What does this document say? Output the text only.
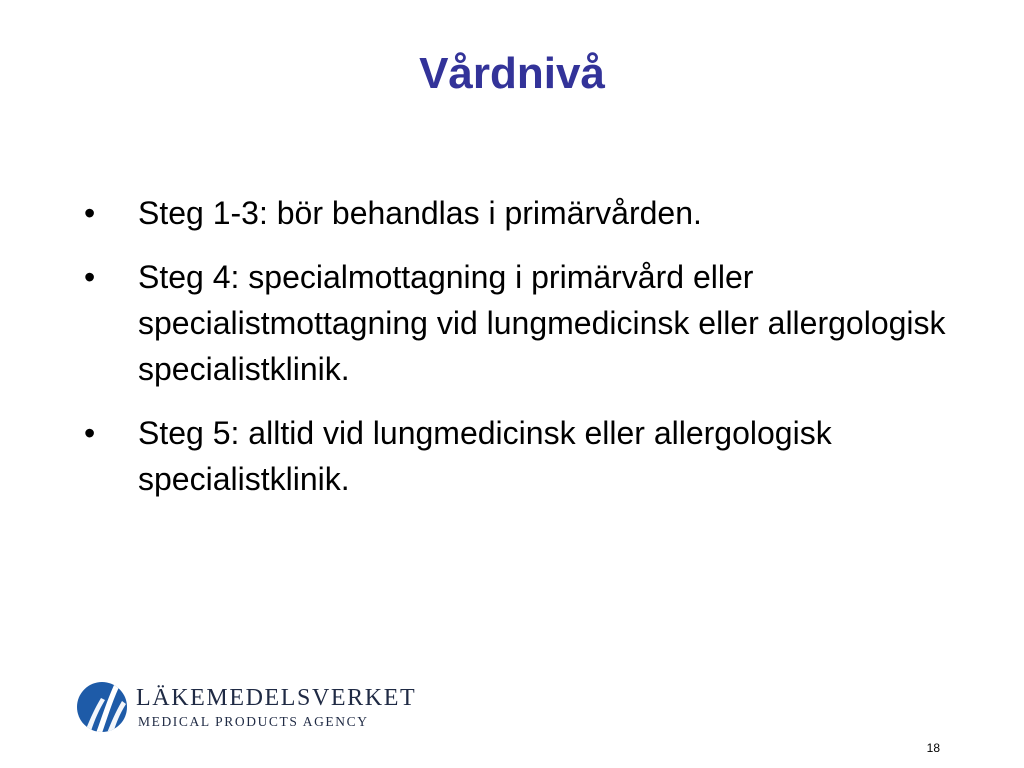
Vårdnivå
• Steg 1-3: bör behandlas i primärvården.
• Steg 4: specialmottagning i primärvård eller specialistmottagning vid lungmedicinsk eller allergologisk specialistklinik.
• Steg 5: alltid vid lungmedicinsk eller allergologisk specialistklinik.
LÄKEMEDELSVERKET
MEDICAL PRODUCTS AGENCY
18
